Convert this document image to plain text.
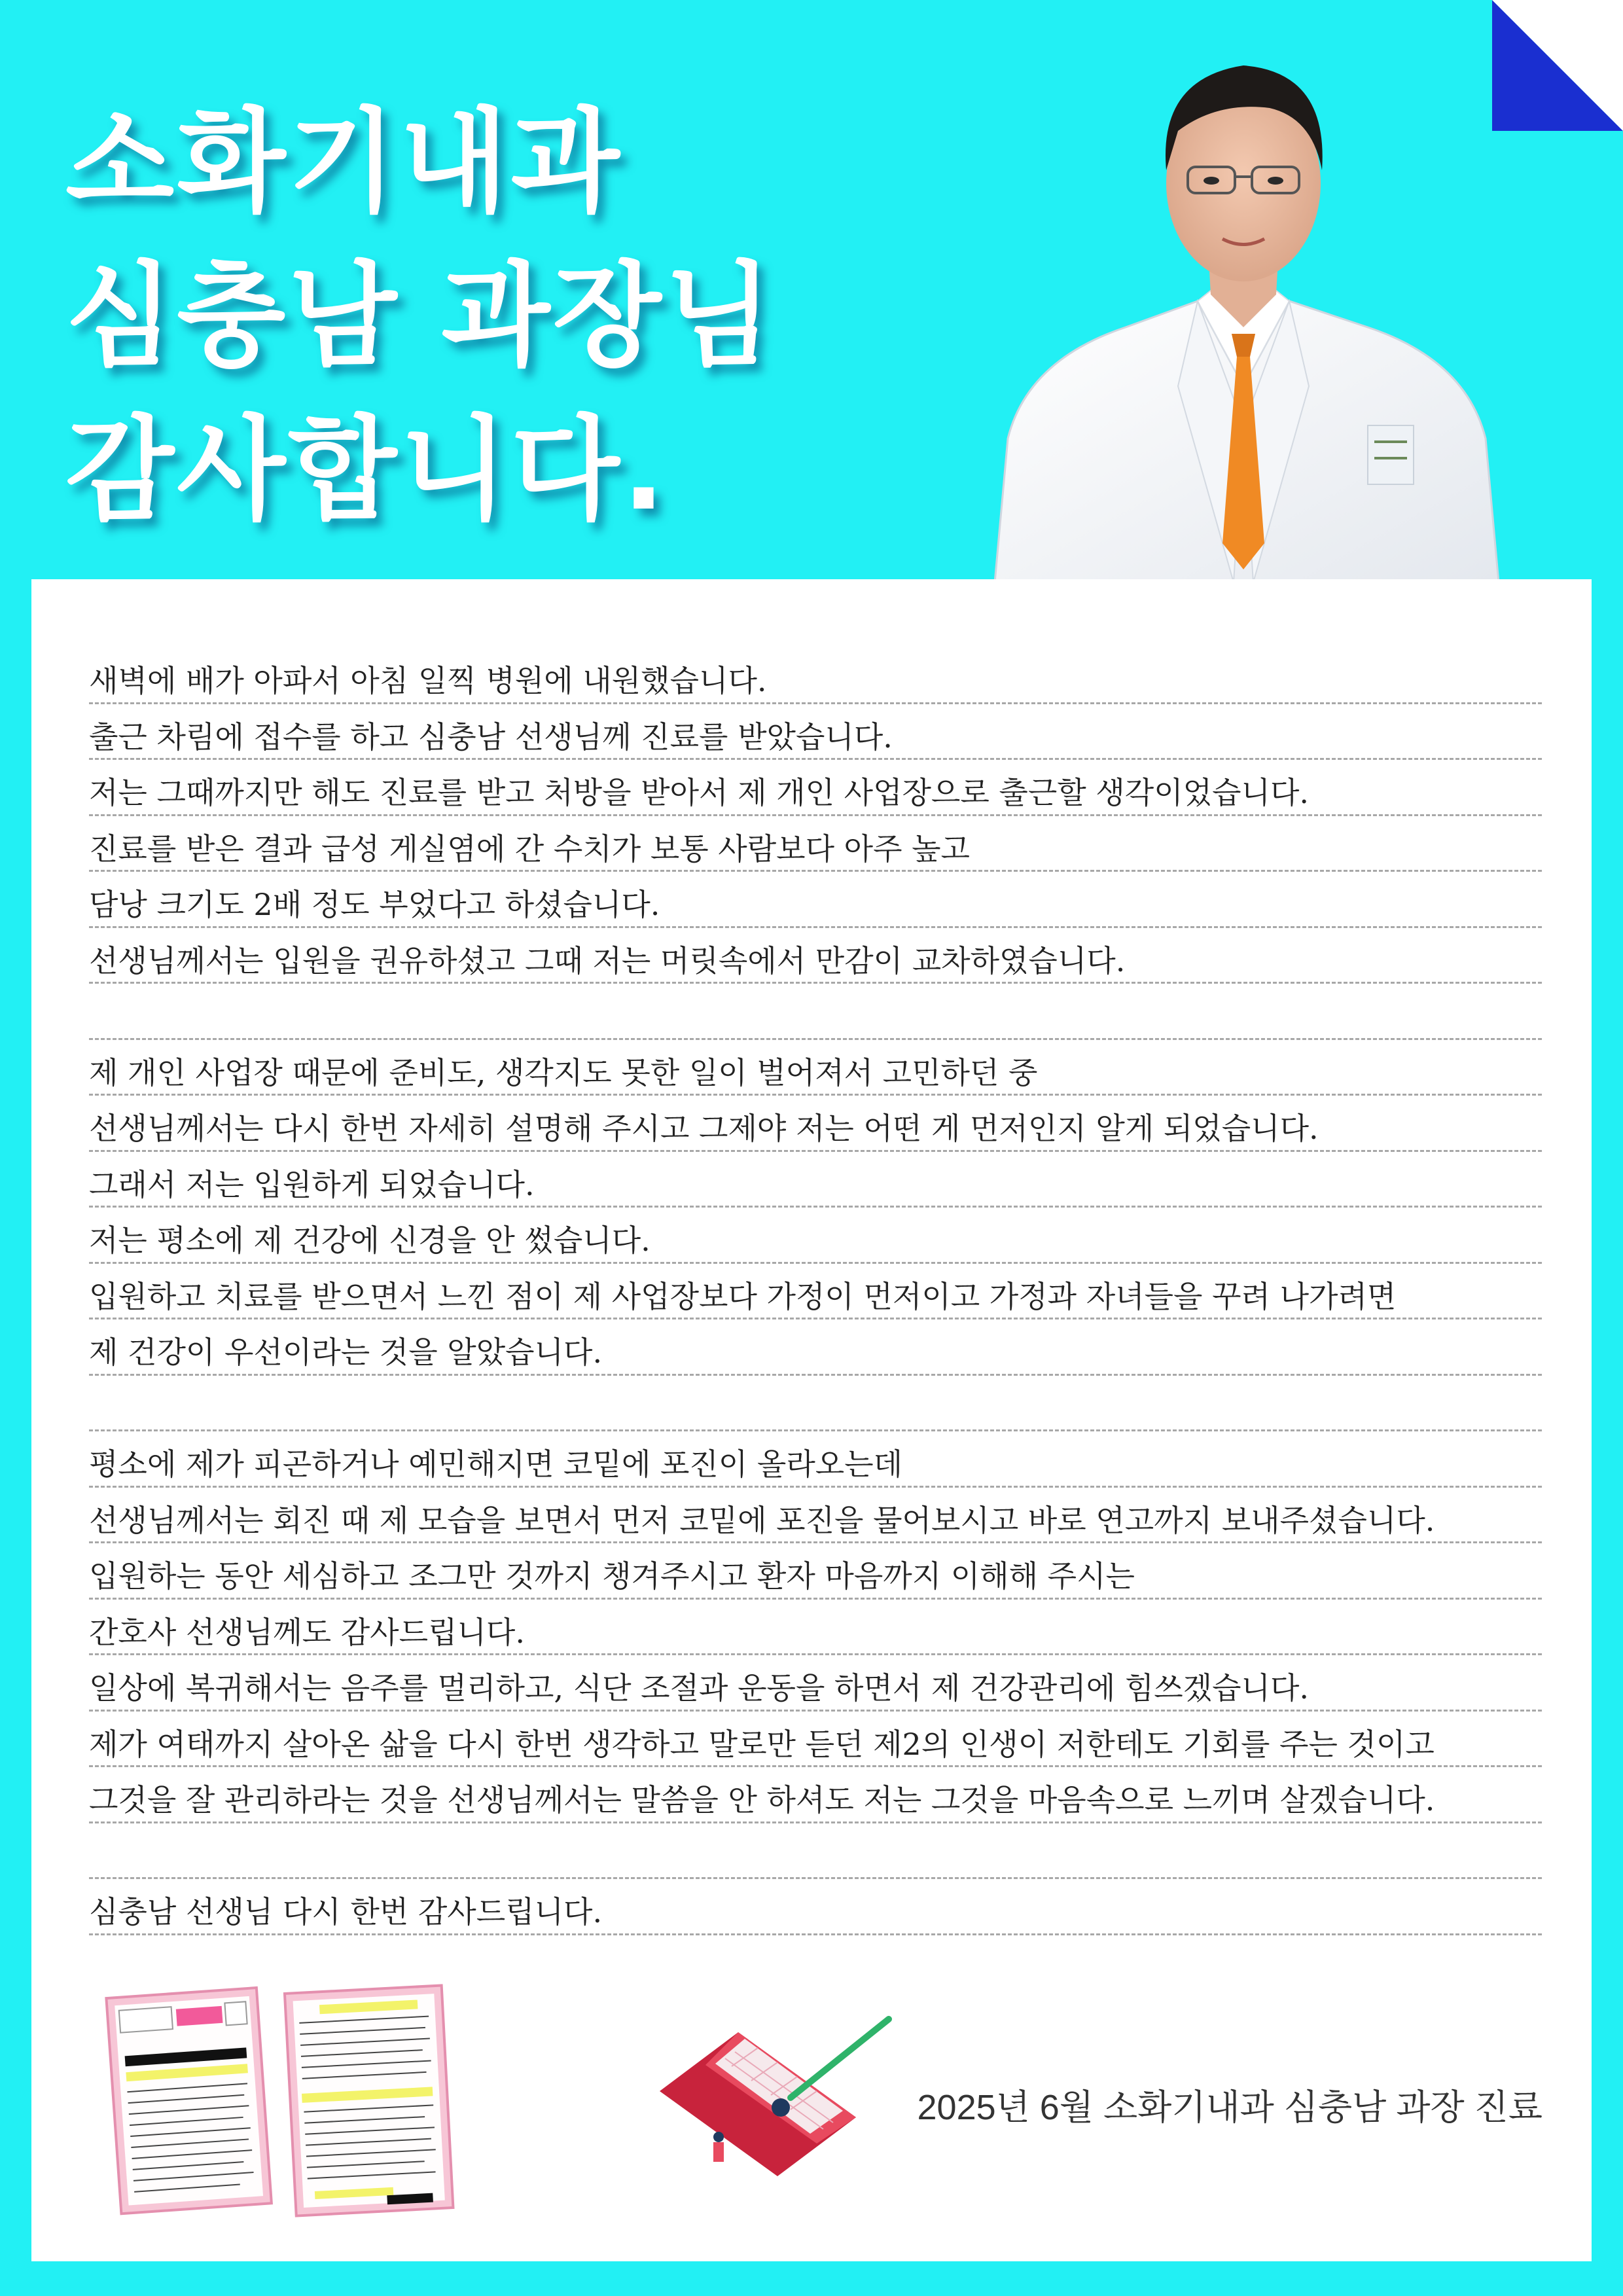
소화기내과
심충남 과장님
감사합니다.
새벽에 배가 아파서 아침 일찍 병원에 내원했습니다.
출근 차림에 접수를 하고 심충남 선생님께 진료를 받았습니다.
저는 그때까지만 해도 진료를 받고 처방을 받아서 제 개인 사업장으로 출근할 생각이었습니다.
진료를 받은 결과 급성 게실염에 간 수치가 보통 사람보다 아주 높고
담낭 크기도 2배 정도 부었다고 하셨습니다.
선생님께서는 입원을 권유하셨고 그때 저는 머릿속에서 만감이 교차하였습니다.
제 개인 사업장 때문에 준비도, 생각지도 못한 일이 벌어져서 고민하던 중
선생님께서는 다시 한번 자세히 설명해 주시고 그제야 저는 어떤 게 먼저인지 알게 되었습니다.
그래서 저는 입원하게 되었습니다.
저는 평소에 제 건강에 신경을 안 썼습니다.
입원하고 치료를 받으면서 느낀 점이 제 사업장보다 가정이 먼저이고 가정과 자녀들을 꾸려 나가려면
제 건강이 우선이라는 것을 알았습니다.
평소에 제가 피곤하거나 예민해지면 코밑에 포진이 올라오는데
선생님께서는 회진 때 제 모습을 보면서 먼저 코밑에 포진을 물어보시고 바로 연고까지 보내주셨습니다.
입원하는 동안 세심하고 조그만 것까지 챙겨주시고 환자 마음까지 이해해 주시는
간호사 선생님께도 감사드립니다.
일상에 복귀해서는 음주를 멀리하고, 식단 조절과 운동을 하면서 제 건강관리에 힘쓰겠습니다.
제가 여태까지 살아온 삶을 다시 한번 생각하고 말로만 듣던 제2의 인생이 저한테도 기회를 주는 것이고
그것을 잘 관리하라는 것을 선생님께서는 말씀을 안 하셔도 저는 그것을 마음속으로 느끼며 살겠습니다.
심충남 선생님 다시 한번 감사드립니다.
2025년 6월 소화기내과 심충남 과장 진료
